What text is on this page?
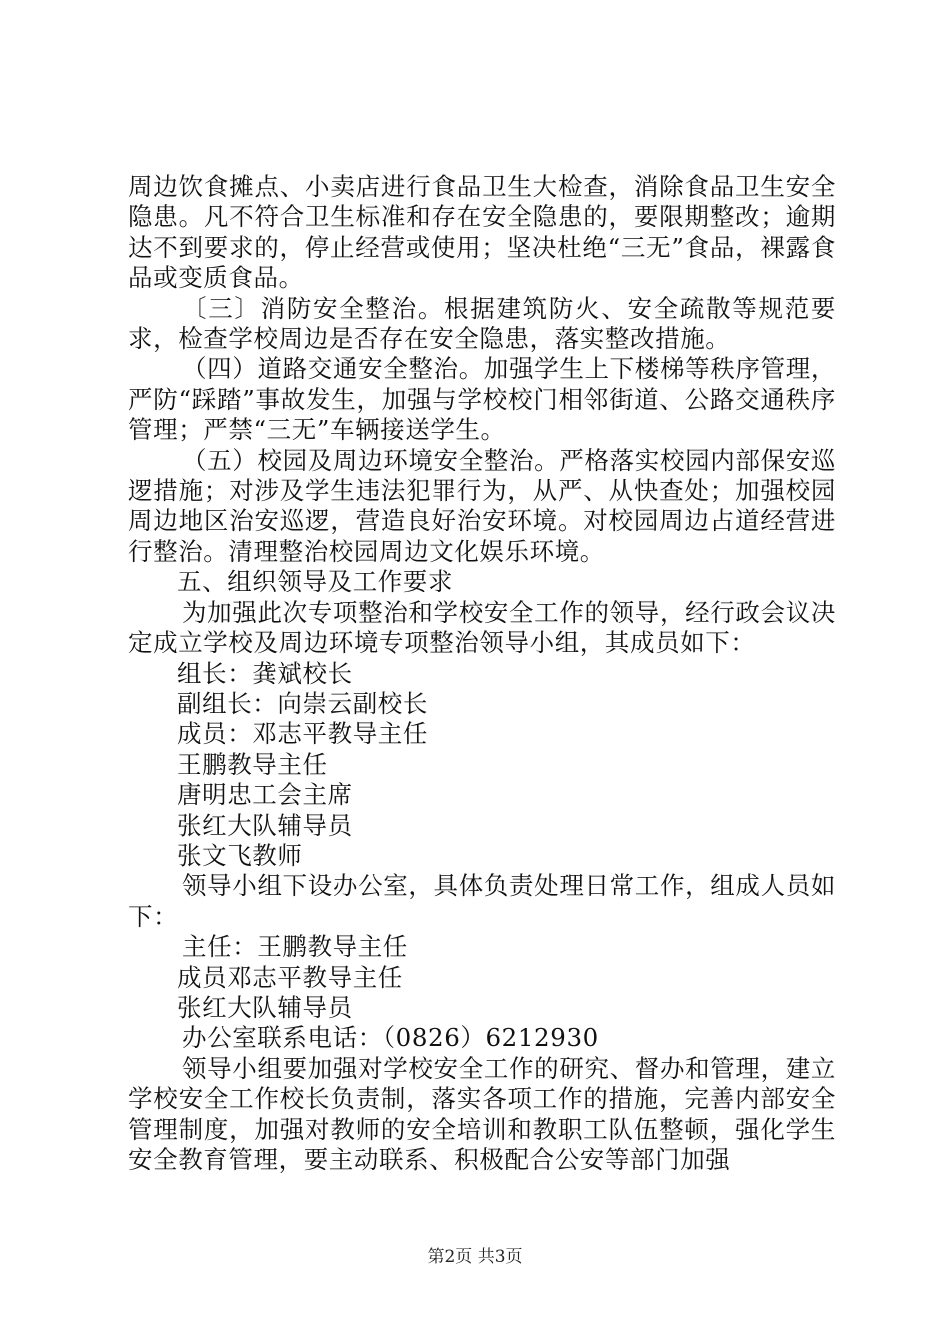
周边饮食摊点、小卖店进行食品卫生大检查，消除食品卫生安全隐患。凡不符合卫生标准和存在安全隐患的，要限期整改；逾期达不到要求的，停止经营或使用；坚决杜绝“三无”食品，裸露食品或变质食品。

〔三〕消防安全整治。根据建筑防火、安全疏散等规范要求，检查学校周边是否存在安全隐患，落实整改措施。

（四）道路交通安全整治。加强学生上下楼梯等秩序管理，严防“踩踏”事故发生，加强与学校校门相邻街道、公路交通秩序管理；严禁“三无”车辆接送学生。

（五）校园及周边环境安全整治。严格落实校园内部保安巡逻措施；对涉及学生违法犯罪行为，从严、从快查处；加强校园周边地区治安巡逻，营造良好治安环境。对校园周边占道经营进行整治。清理整治校园周边文化娱乐环境。

五、组织领导及工作要求

为加强此次专项整治和学校安全工作的领导，经行政会议决定成立学校及周边环境专项整治领导小组，其成员如下：

组长：龚斌校长

副组长：向崇云副校长

成员：邓志平教导主任

王鹏教导主任

唐明忠工会主席

张红大队辅导员

张文飞教师

领导小组下设办公室，具体负责处理日常工作，组成人员如下：

主任：王鹏教导主任

成员邓志平教导主任

张红大队辅导员

办公室联系电话：（0826）6212930

领导小组要加强对学校安全工作的研究、督办和管理，建立学校安全工作校长负责制，落实各项工作的措施，完善内部安全管理制度，加强对教师的安全培训和教职工队伍整顿，强化学生安全教育管理，要主动联系、积极配合公安等部门加强

第2页 共3页
